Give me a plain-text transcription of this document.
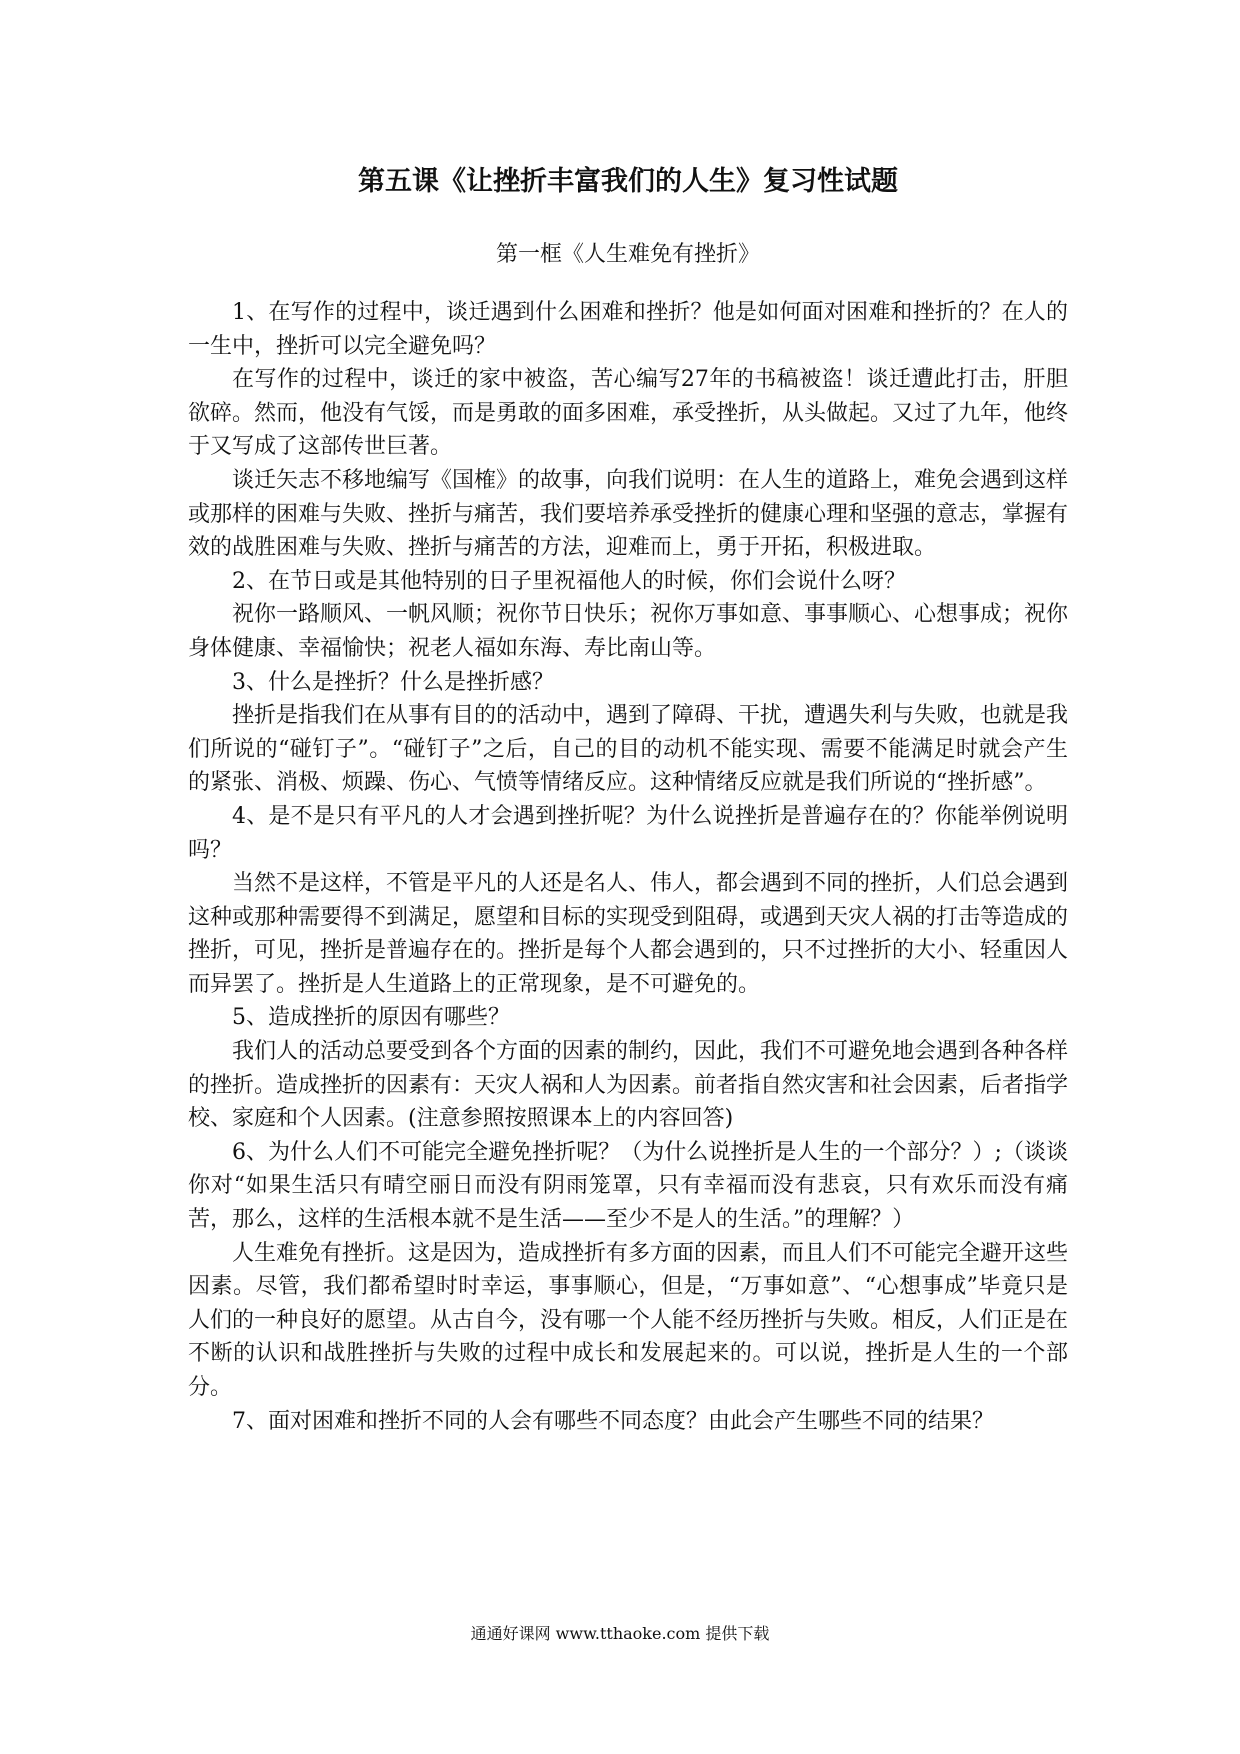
第五课《让挫折丰富我们的人生》复习性试题
第一框《人生难免有挫折》

1、在写作的过程中，谈迁遇到什么困难和挫折？他是如何面对困难和挫折的？在人的一生中，挫折可以完全避免吗？

在写作的过程中，谈迁的家中被盗，苦心编写27年的书稿被盗！谈迁遭此打击，肝胆欲碎。然而，他没有气馁，而是勇敢的面多困难，承受挫折，从头做起。又过了九年，他终于又写成了这部传世巨著。

谈迁矢志不移地编写《国榷》的故事，向我们说明：在人生的道路上，难免会遇到这样或那样的困难与失败、挫折与痛苦，我们要培养承受挫折的健康心理和坚强的意志，掌握有效的战胜困难与失败、挫折与痛苦的方法，迎难而上，勇于开拓，积极进取。

2、在节日或是其他特别的日子里祝福他人的时候，你们会说什么呀？

祝你一路顺风、一帆风顺；祝你节日快乐；祝你万事如意、事事顺心、心想事成；祝你身体健康、幸福愉快；祝老人福如东海、寿比南山等。

3、什么是挫折？什么是挫折感？

挫折是指我们在从事有目的的活动中，遇到了障碍、干扰，遭遇失利与失败，也就是我们所说的“碰钉子”。“碰钉子”之后，自己的目的动机不能实现、需要不能满足时就会产生的紧张、消极、烦躁、伤心、气愤等情绪反应。这种情绪反应就是我们所说的“挫折感”。

4、是不是只有平凡的人才会遇到挫折呢？为什么说挫折是普遍存在的？你能举例说明吗？

当然不是这样，不管是平凡的人还是名人、伟人，都会遇到不同的挫折，人们总会遇到这种或那种需要得不到满足，愿望和目标的实现受到阻碍，或遇到天灾人祸的打击等造成的挫折，可见，挫折是普遍存在的。挫折是每个人都会遇到的，只不过挫折的大小、轻重因人而异罢了。挫折是人生道路上的正常现象，是不可避免的。

5、造成挫折的原因有哪些？

我们人的活动总要受到各个方面的因素的制约，因此，我们不可避免地会遇到各种各样的挫折。造成挫折的因素有：天灾人祸和人为因素。前者指自然灾害和社会因素，后者指学校、家庭和个人因素。(注意参照按照课本上的内容回答)

6、为什么人们不可能完全避免挫折呢？（为什么说挫折是人生的一个部分？）;（谈谈你对“如果生活只有晴空丽日而没有阴雨笼罩，只有幸福而没有悲哀，只有欢乐而没有痛苦，那么，这样的生活根本就不是生活——至少不是人的生活。”的理解？）

人生难免有挫折。这是因为，造成挫折有多方面的因素，而且人们不可能完全避开这些因素。尽管，我们都希望时时幸运，事事顺心，但是，“万事如意”、“心想事成”毕竟只是人们的一种良好的愿望。从古自今，没有哪一个人能不经历挫折与失败。相反，人们正是在不断的认识和战胜挫折与失败的过程中成长和发展起来的。可以说，挫折是人生的一个部分。

7、面对困难和挫折不同的人会有哪些不同态度？由此会产生哪些不同的结果？

通通好课网 www.tthaoke.com 提供下载
